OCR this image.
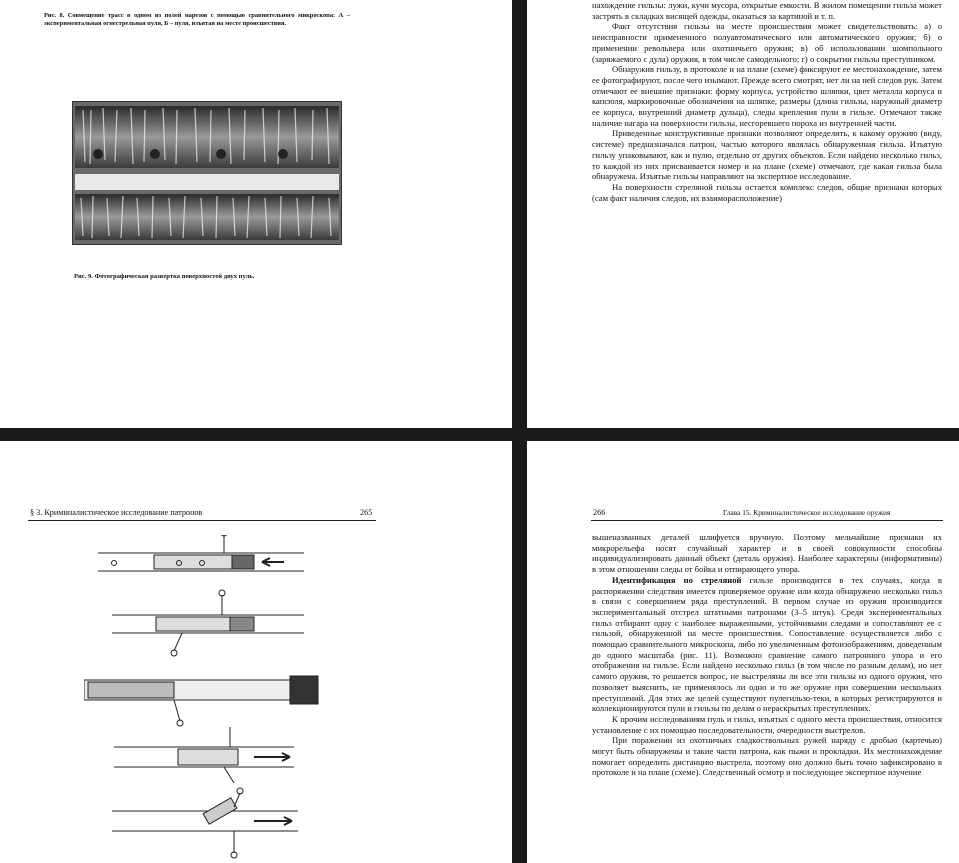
Рис. 8. Совмещение трасс в одном из полей нарезов с помощью сравнительного микроскопа: А – экспериментальная огнестрельная пуля, Б – пуля, изъятая на месте происшествия.
Рис. 9. Фотографическая развертка поверхностей двух пуль.

нахождение гильзы: лужи, кучи мусора, открытые емкости. В жилом помещении гильза может застрять в складках висящей одежды, оказаться за картиной и т. п.

Факт отсутствия гильзы на месте происшествия может свидетельствовать: а) о неисправности примененного полуавтоматического или автоматического оружия; б) о применении револьвера или охотничьего оружия; в) об использовании шомпольного (заряжаемого с дула) оружия, в том числе самодельного; г) о сокрытии гильзы преступником.

Обнаружив гильзу, в протоколе и на плане (схеме) фиксируют ее местонахождение, затем ее фотографируют, после чего изымают. Прежде всего смотрят, нет ли на ней следов рук. Затем отмечают ее внешние признаки: форму корпуса, устройство шляпки, цвет металла корпуса и капсюля, маркировочные обозначения на шляпке, размеры (длина гильзы, наружный диаметр ее корпуса, внутренний диаметр дульца), следы крепления пули в гильзе. Отмечают также наличие нагара на поверхности гильзы, несгоревшего пороха из внутренней части.

Приведенные конструктивные признаки позволяют определить, к какому оружию (виду, системе) предназначался патрон, частью которого являлась обнаруженная гильза. Изъятую гильзу упаковывают, как и пулю, отдельно от других объектов. Если найдено несколько гильз, то каждой из них присваивается номер и на плане (схеме) отмечают, где какая гильза была обнаружена. Изъятые гильзы направляют на экспертное исследование.

На поверхности стреляной гильзы остается комплекс следов, общие признаки которых (сам факт наличия следов, их взаиморасположение)

§ 3. Криминалистическое исследование патронов	265	266	Глава 15. Криминалистическое исследование оружия

вышеназванных деталей шлифуется вручную. Поэтому мельчайшие признаки их микрорельефа носят случайный характер и в своей совокупности способны индивидуализировать данный объект (деталь оружия). Наиболее характерны (информативны) в этом отношении следы от бойка и отпирающего упора.

Идентификация по стреляной гильзе производится в тех случаях, когда в распоряжении следствия имеется проверяемое оружие или когда обнаружено несколько гильз в связи с совершением ряда преступлений. В первом случае из оружия производится экспериментальный отстрел штатными патронами (3–5 штук). Среди экспериментальных гильз отбирают одну с наиболее выраженными, устойчивыми следами и сопоставляют ее с гильзой, обнаруженной на месте происшествия. Сопоставление осуществляется либо с помощью сравнительного микроскопа, либо по увеличенным фотоизображениям, доведенным до одного масштаба (рис. 11). Возможно сравнение самого патронного упора и его отображения на гильзе. Если найдено несколько гильз (в том числе по разным делам), но нет самого оружия, то решается вопрос, не выстреляны ли все эти гильзы из одного оружия, что позволяет выяснить, не применялось ли одно и то же оружие при совершении нескольких преступлений. Для этих же целей существуют пулегильзо-теки, в которых регистрируются и коллекционируются пули и гильзы по делам о нераскрытых преступлениях.

К прочим исследованиям пуль и гильз, изъятых с одного места происшествия, относится установление с их помощью последовательности, очередности выстрелов.

При поражении из охотничьих гладкоствольных ружей наряду с дробью (картечью) могут быть обнаружены и такие части патрона, как пыжи и прокладки. Их местонахождение помогает определить дистанцию выстрела, поэтому оно должно быть точно зафиксировано в протоколе и на плане (схеме). Следственный осмотр и последующее экспертное изучение
